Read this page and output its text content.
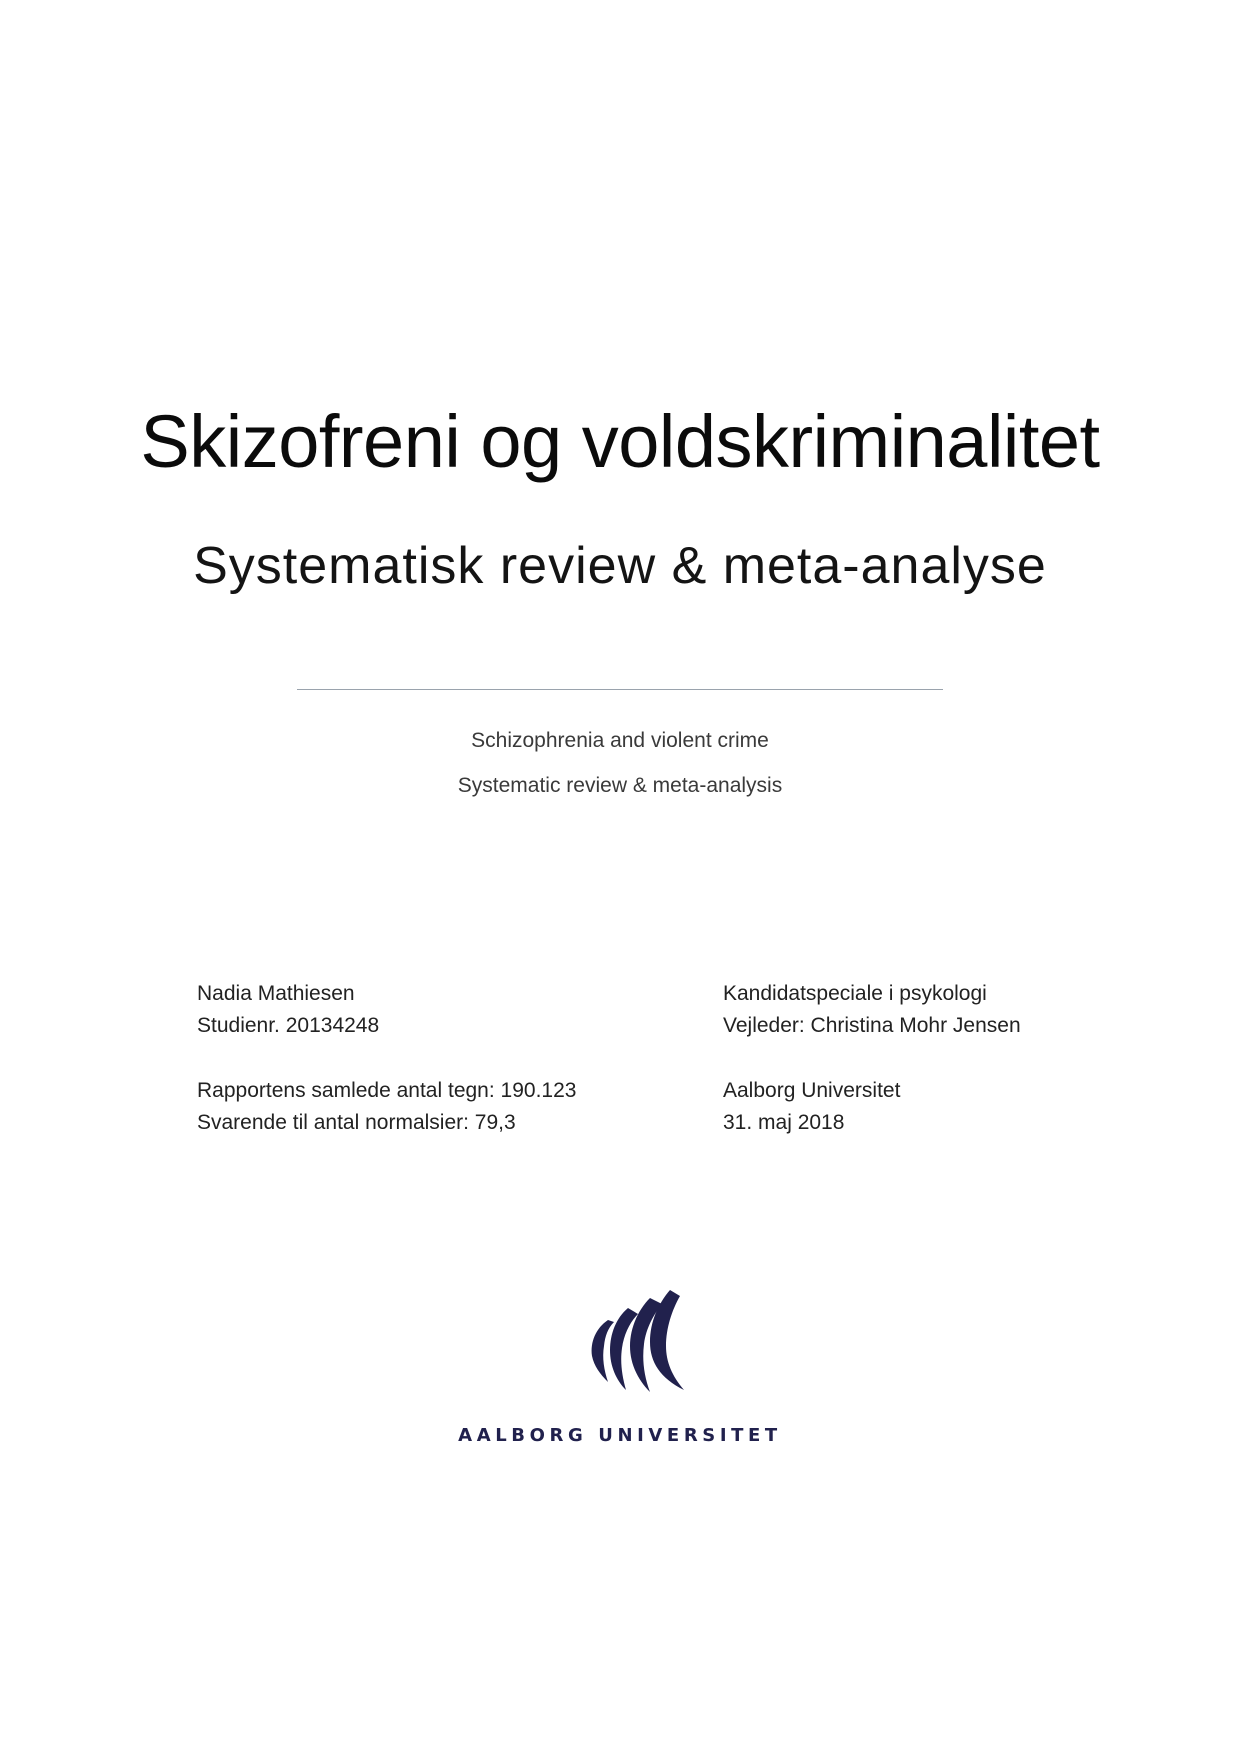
Skizofreni og voldskriminalitet
Systematisk review & meta-analyse
Schizophrenia and violent crime
Systematic review & meta-analysis
Nadia Mathiesen
Studienr. 20134248
Rapportens samlede antal tegn: 190.123
Svarende til antal normalsier: 79,3
Kandidatspeciale i psykologi
Vejleder: Christina Mohr Jensen
Aalborg Universitet
31. maj 2018
AALBORG UNIVERSITET
